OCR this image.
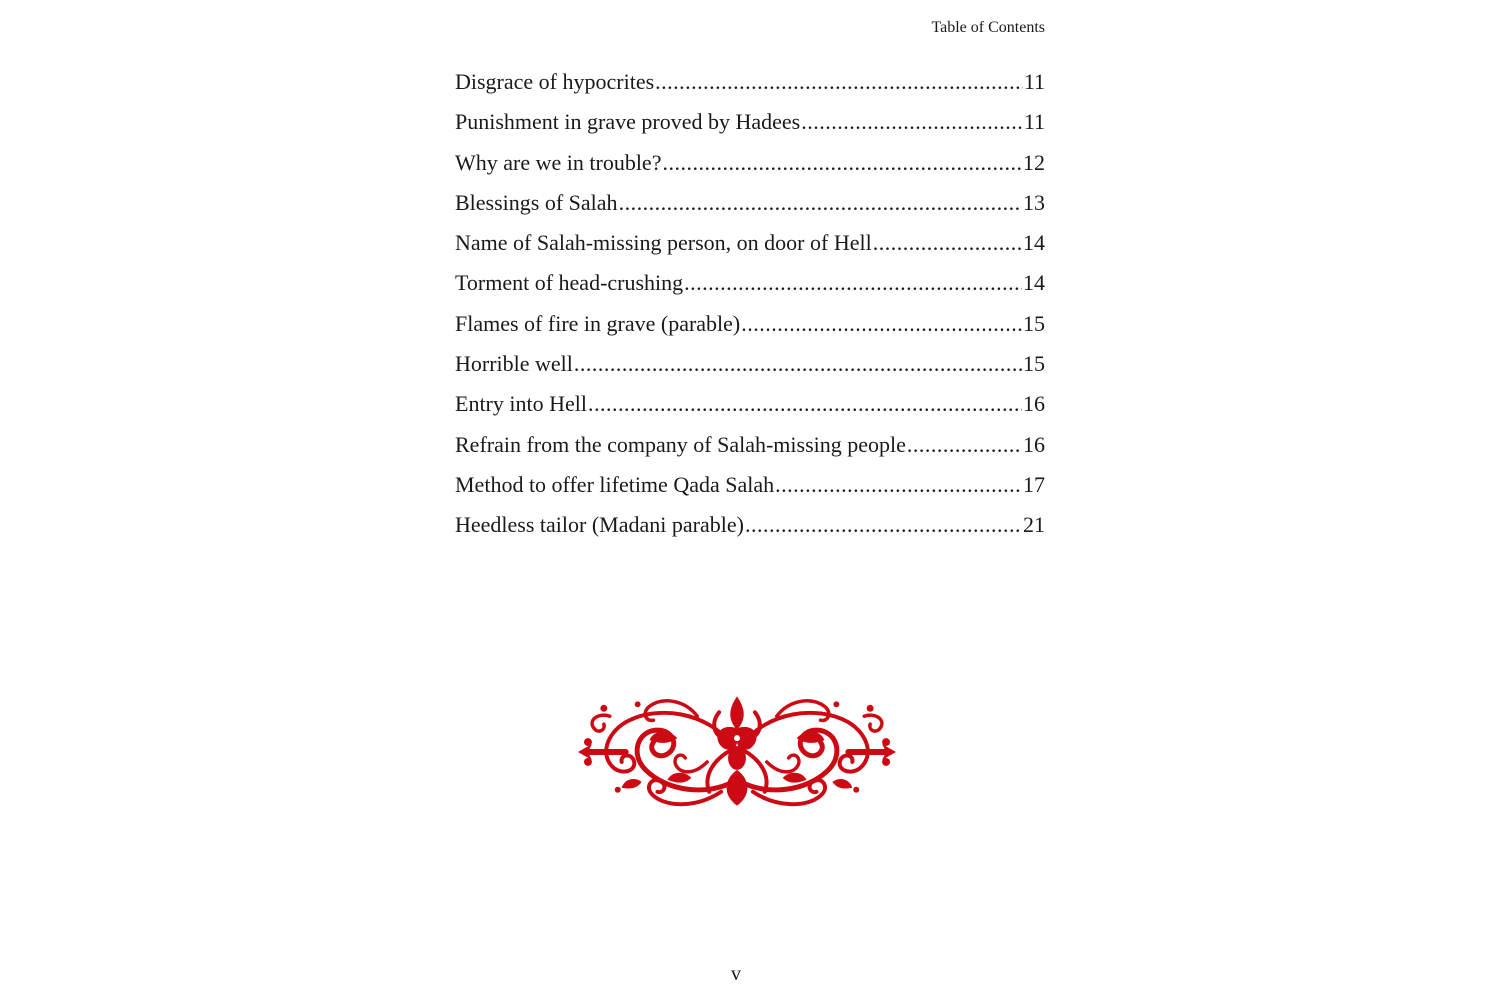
Table of Contents
Disgrace of hypocrites .....	11
Punishment in grave proved by Hadees .....	11
Why are we in trouble? .....	12
Blessings of Salah .....	13
Name of Salah-missing person, on door of Hell .....	14
Torment of head-crushing .....	14
Flames of fire in grave (parable) .....	15
Horrible well .....	15
Entry into Hell .....	16
Refrain from the company of Salah-missing people .....	16
Method to offer lifetime Qada Salah .....	17
Heedless tailor (Madani parable) .....	21
v
